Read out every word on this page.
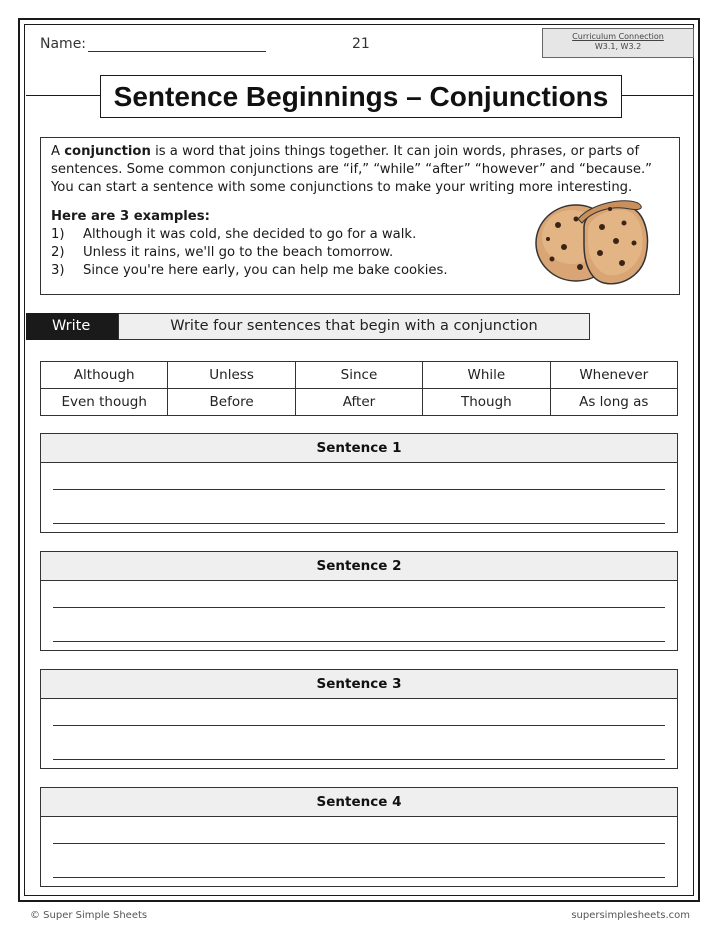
Name:	21	Curriculum Connection
W3.1, W3.2
Sentence Beginnings – Conjunctions

A conjunction is a word that joins things together. It can join words, phrases, or parts of sentences. Some common conjunctions are “if,” “while” “after” “however” and “because.” You can start a sentence with some conjunctions to make your writing more interesting.

Here are 3 examples:

1)	Although it was cold, she decided to go for a walk.
2)	Unless it rains, we'll go to the beach tomorrow.
3)	Since you're here early, you can help me bake cookies.
Write	Write four sentences that begin with a conjunction
Although	Unless	Since	While	Whenever
Even though	Before	After	Though	As long as
Sentence 1
Sentence 2
Sentence 3
Sentence 4
© Super Simple Sheets	supersimplesheets.com
